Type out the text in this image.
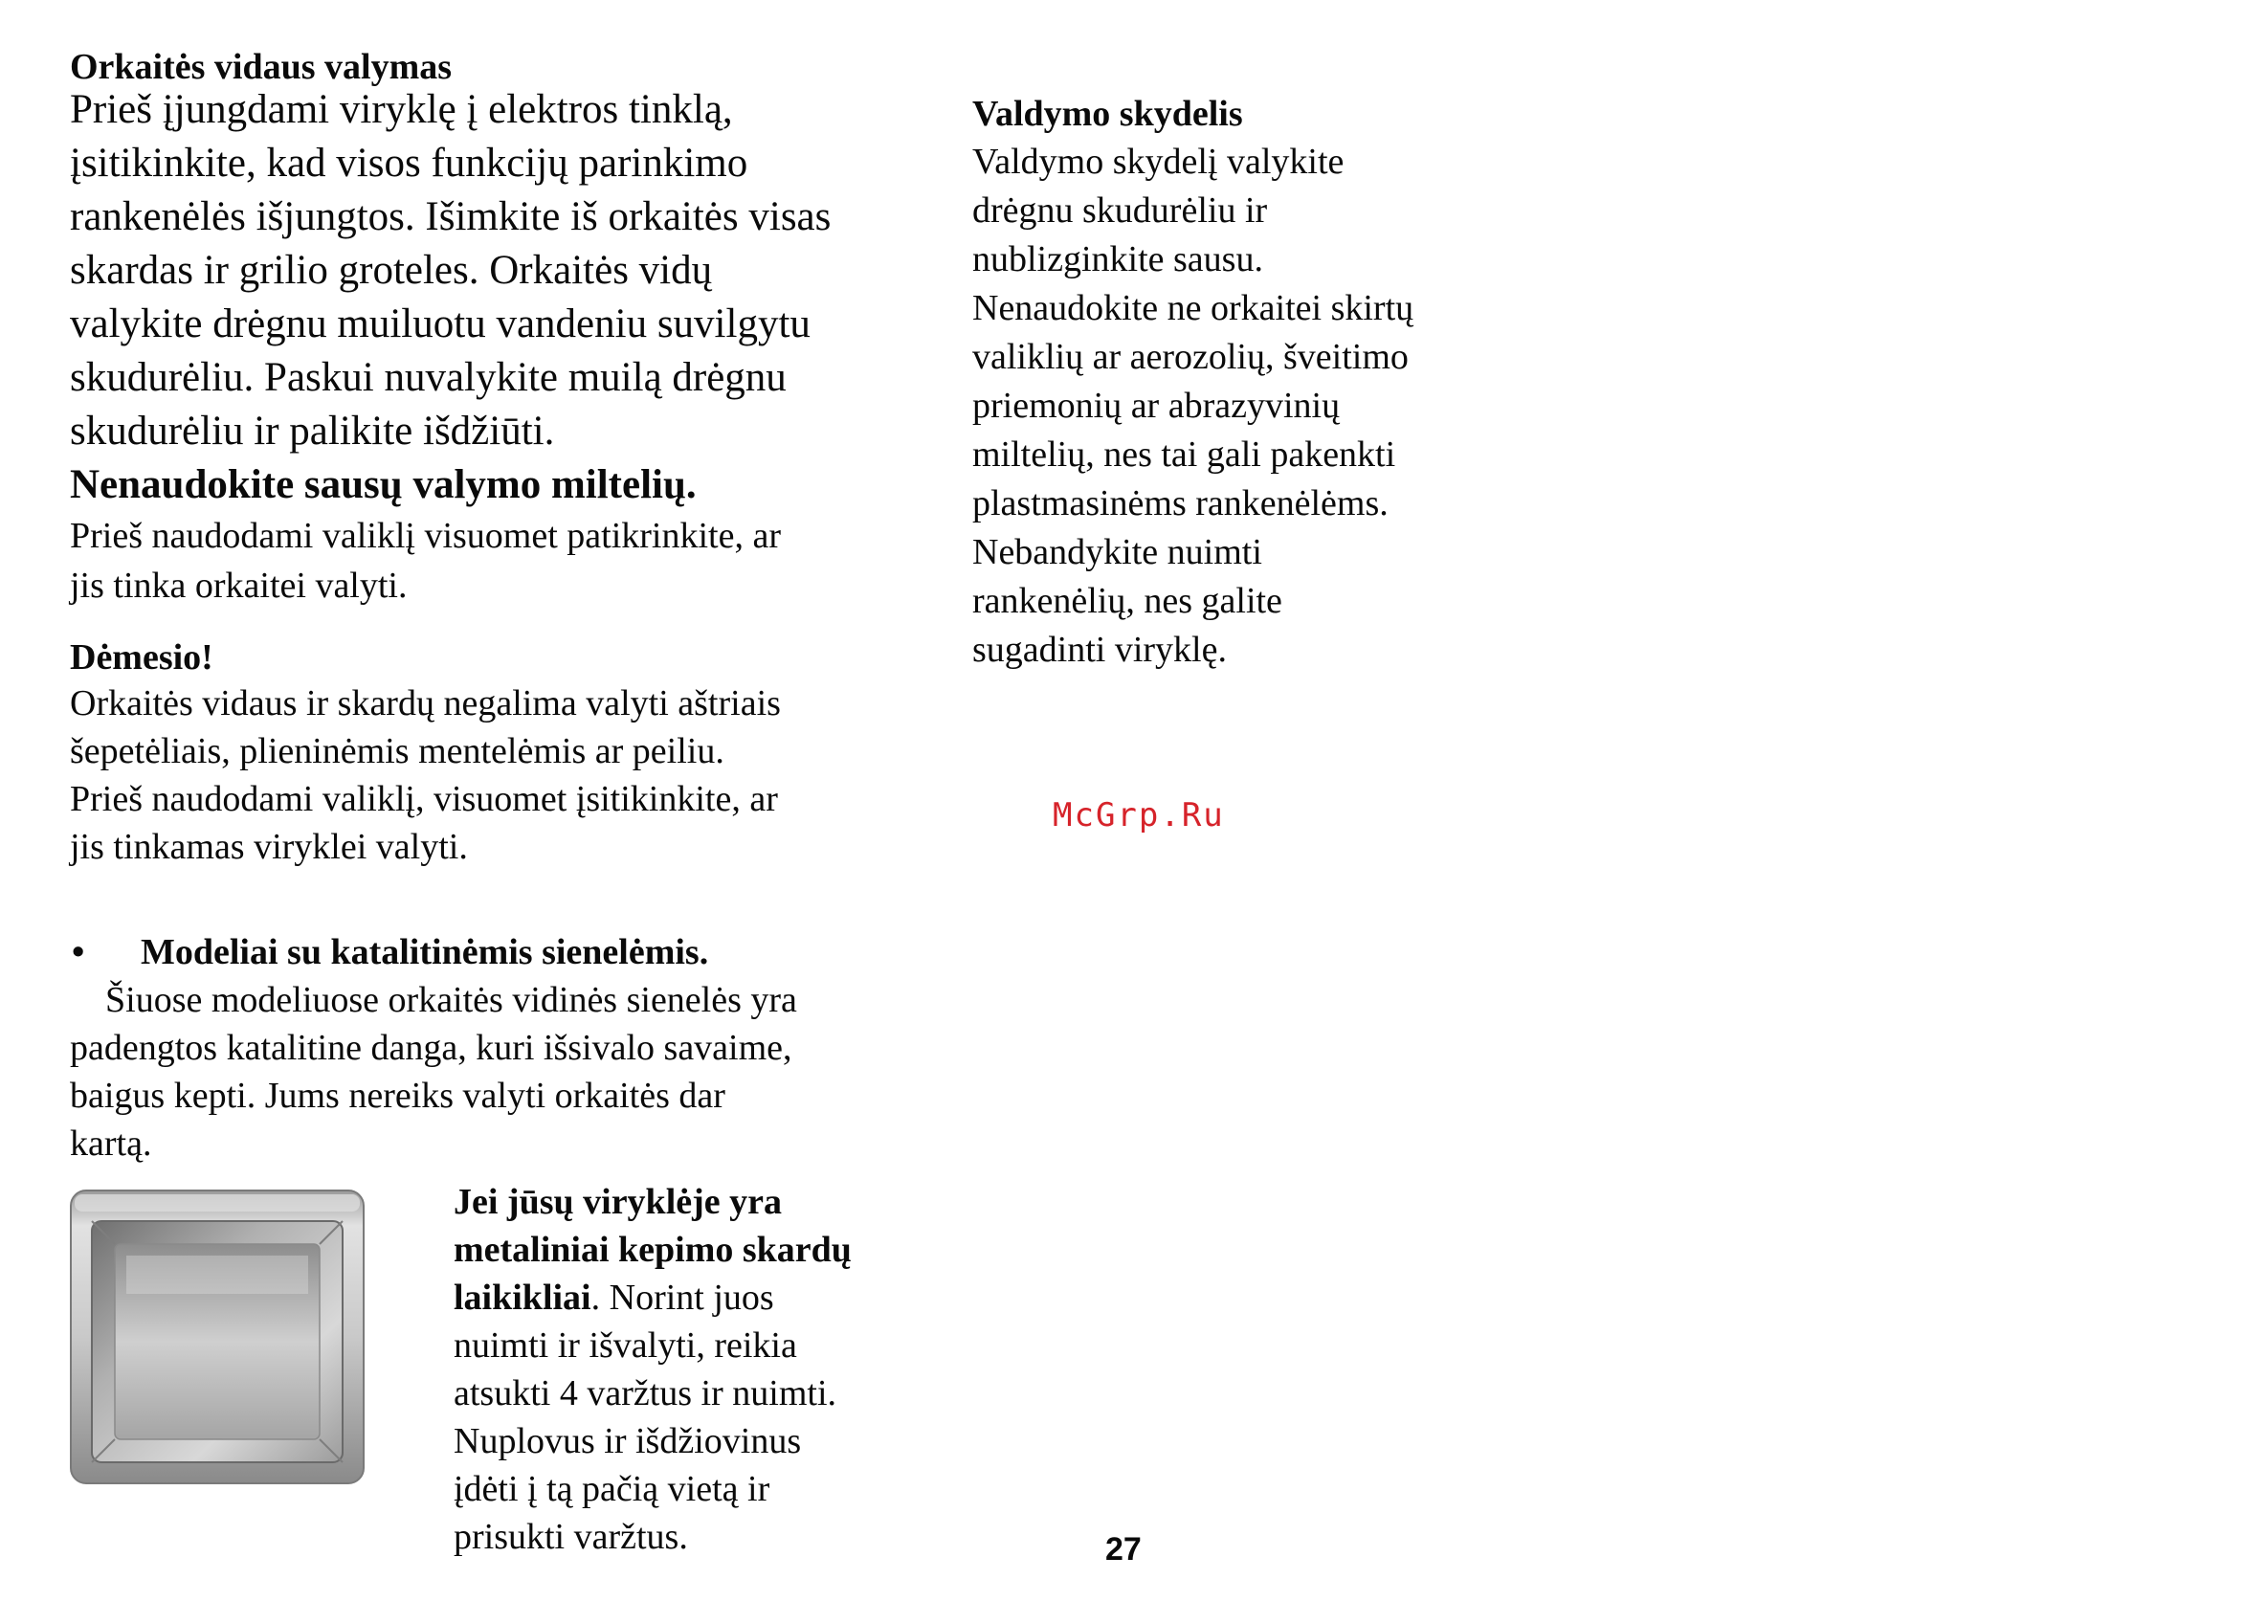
Orkaitės vidaus valymas
Prieš įjungdami viryklę į elektros tinklą,
įsitikinkite, kad visos funkcijų parinkimo
rankenėlės išjungtos. Išimkite iš orkaitės visas
skardas ir grilio groteles. Orkaitės vidų
valykite drėgnu muiluotu vandeniu suvilgytu
skudurėliu. Paskui nuvalykite muilą drėgnu
skudurėliu ir palikite išdžiūti.
Nenaudokite sausų valymo miltelių.
Prieš naudodami valiklį visuomet patikrinkite, ar
jis tinka orkaitei valyti.
Dėmesio!
Orkaitės vidaus ir skardų negalima valyti aštriais
šepetėliais, plieninėmis mentelėmis ar peiliu.
Prieš naudodami valiklį, visuomet įsitikinkite, ar
jis tinkamas viryklei valyti.
• Modeliai su katalitinėmis sienelėmis.
Šiuose modeliuose orkaitės vidinės sienelės yra
padengtos katalitine danga, kuri išsivalo savaime,
baigus kepti. Jums nereiks valyti orkaitės dar
kartą.
Jei jūsų viryklėje yra
metaliniai kepimo skardų
laikikliai. Norint juos
nuimti ir išvalyti, reikia
atsukti 4 varžtus ir nuimti.
Nuplovus ir išdžiovinus
įdėti į tą pačią vietą ir
prisukti varžtus.
Valdymo skydelis
Valdymo skydelį valykite
drėgnu skudurėliu ir
nublizginkite sausu.
Nenaudokite ne orkaitei skirtų
valiklių ar aerozolių, šveitimo
priemonių ar abrazyvinių
miltelių, nes tai gali pakenkti
plastmasinėms rankenėlėms.
Nebandykite nuimti
rankenėlių, nes galite
sugadinti viryklę.
McGrp.Ru
27
